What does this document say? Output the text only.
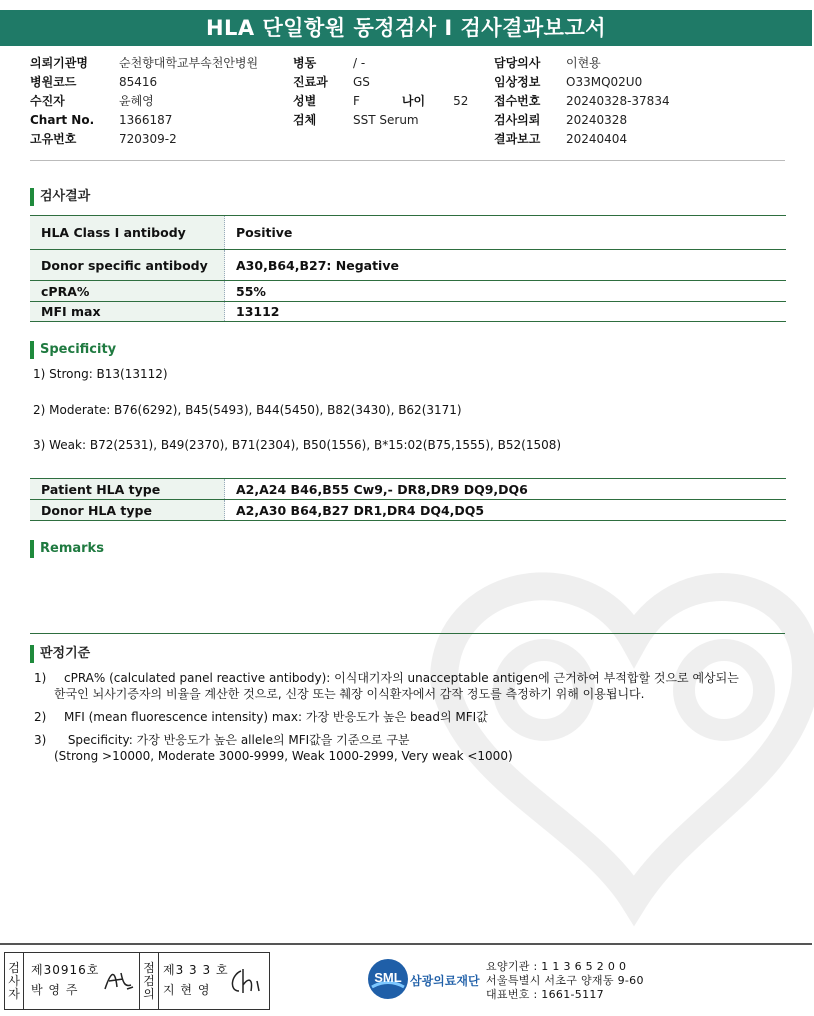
HLA 단일항원 동정검사 I 검사결과보고서
의뢰기관명	순천향대학교부속천안병원
병원코드	85416
수진자	윤혜영
Chart No. 1366187
고유번호	720309-2
병동	/ -
진료과 GS
성별	F	나이 52
검체	SST Serum
담당의사 이현용
임상정보 O33MQ02U0
접수번호 20240328-37834
검사의뢰 20240328
결과보고 20240404
검사결과
HLA Class I antibody	Positive
Donor specific antibody	A30,B64,B27: Negative
cPRA%	55%
MFI max	13112
Specificity
1) Strong: B13(13112)
2) Moderate: B76(6292), B45(5493), B44(5450), B82(3430), B62(3171)
3) Weak: B72(2531), B49(2370), B71(2304), B50(1556), B*15:02(B75,1555), B52(1508)
Patient HLA type	A2,A24 B46,B55 Cw9,- DR8,DR9 DQ9,DQ6
Donor HLA type	A2,A30 B64,B27 DR1,DR4 DQ4,DQ5
Remarks
판정기준
1) cPRA% (calculated panel reactive antibody): 이식대기자의 unacceptable antigen에 근거하여 부적합할 것으로 예상되는
한국인 뇌사기증자의 비율을 계산한 것으로, 신장 또는 췌장 이식환자에서 감작 정도를 측정하기 위해 이용됩니다.
2) MFI (mean fluorescence intensity) max: 가장 반응도가 높은 bead의 MFI값
3) Specificity: 가장 반응도가 높은 allele의 MFI값을 기준으로 구분
(Strong >10000, Moderate 3000-9999, Weak 1000-2999, Very weak <1000)
검사자
제30916호
박 영 주
점검의
제3 3 3 호
지 현 영
SML 삼광의료재단
요양기관 : 1 1 3 6 5 2 0 0
서울특별시 서초구 양재동 9-60
대표번호 : 1661-5117
